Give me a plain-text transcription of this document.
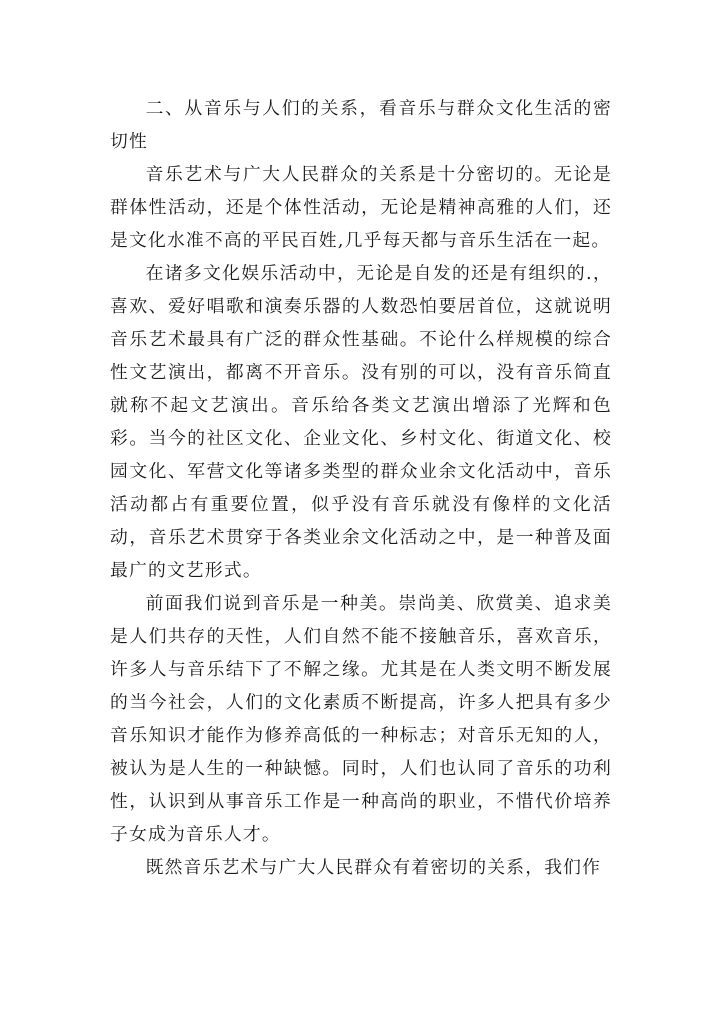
二、从音乐与人们的关系，看音乐与群众文化生活的密切性

音乐艺术与广大人民群众的关系是十分密切的。无论是群体性活动，还是个体性活动，无论是精神高雅的人们，还是文化水准不高的平民百姓,几乎每天都与音乐生活在一起。

在诸多文化娱乐活动中，无论是自发的还是有组织的.，喜欢、爱好唱歌和演奏乐器的人数恐怕要居首位，这就说明音乐艺术最具有广泛的群众性基础。不论什么样规模的综合性文艺演出，都离不开音乐。没有别的可以，没有音乐简直就称不起文艺演出。音乐给各类文艺演出增添了光辉和色彩。当今的社区文化、企业文化、乡村文化、街道文化、校园文化、军营文化等诸多类型的群众业余文化活动中，音乐活动都占有重要位置，似乎没有音乐就没有像样的文化活动，音乐艺术贯穿于各类业余文化活动之中，是一种普及面最广的文艺形式。

前面我们说到音乐是一种美。崇尚美、欣赏美、追求美是人们共存的天性，人们自然不能不接触音乐，喜欢音乐，许多人与音乐结下了不解之缘。尤其是在人类文明不断发展的当今社会，人们的文化素质不断提高，许多人把具有多少音乐知识才能作为修养高低的一种标志；对音乐无知的人，被认为是人生的一种缺憾。同时，人们也认同了音乐的功利性，认识到从事音乐工作是一种高尚的职业，不惜代价培养子女成为音乐人才。

既然音乐艺术与广大人民群众有着密切的关系，我们作
